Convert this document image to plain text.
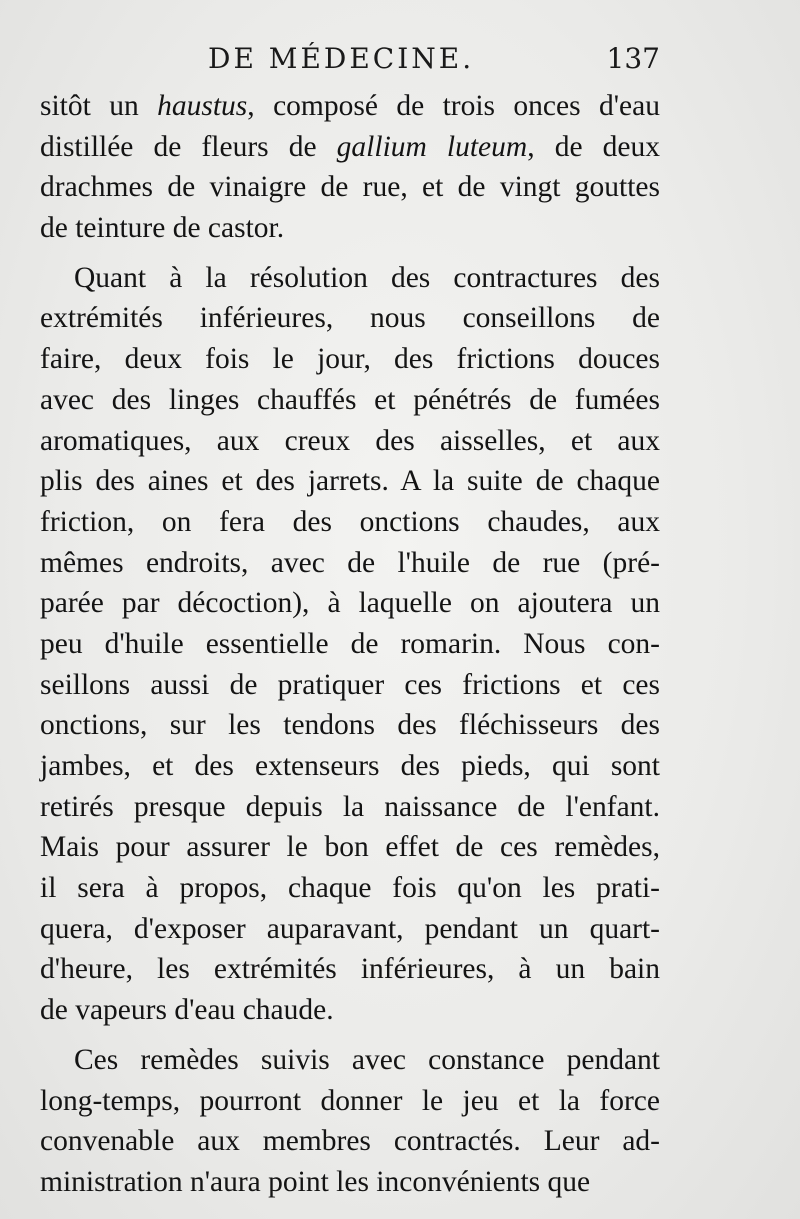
DE MÉDECINE.	137
sitôt un haustus, composé de trois onces d'eau
distillée de fleurs de gallium luteum, de deux
drachmes de vinaigre de rue, et de vingt gouttes
de teinture de castor.
Quant à la résolution des contractures des
extrémités inférieures, nous conseillons de
faire, deux fois le jour, des frictions douces
avec des linges chauffés et pénétrés de fumées
aromatiques, aux creux des aisselles, et aux
plis des aines et des jarrets. A la suite de chaque
friction, on fera des onctions chaudes, aux
mêmes endroits, avec de l'huile de rue (pré-
parée par décoction), à laquelle on ajoutera un
peu d'huile essentielle de romarin. Nous con-
seillons aussi de pratiquer ces frictions et ces
onctions, sur les tendons des fléchisseurs des
jambes, et des extenseurs des pieds, qui sont
retirés presque depuis la naissance de l'enfant.
Mais pour assurer le bon effet de ces remèdes,
il sera à propos, chaque fois qu'on les prati-
quera, d'exposer auparavant, pendant un quart-
d'heure, les extrémités inférieures, à un bain
de vapeurs d'eau chaude.
Ces remèdes suivis avec constance pendant
long-temps, pourront donner le jeu et la force
convenable aux membres contractés. Leur ad-
ministration n'aura point les inconvénients que
